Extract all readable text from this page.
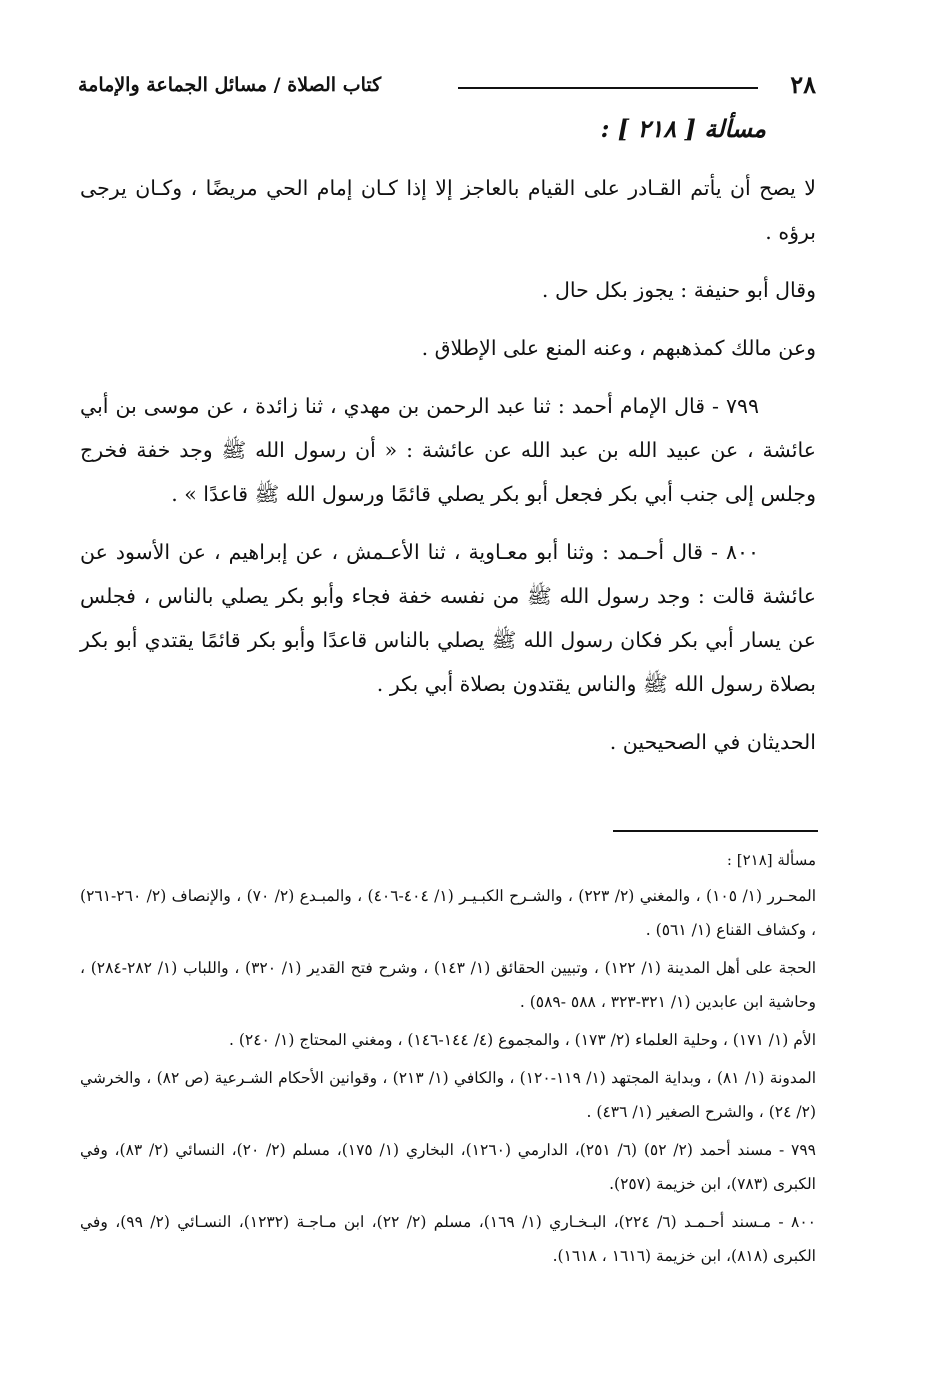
٢٨
كتاب الصلاة / مسائل الجماعة والإمامة
مسألة [ ٢١٨ ] :

لا يصح أن يأتم القـادر على القيام بالعاجز إلا إذا كـان إمام الحي مريضًا ، وكـان يرجى برؤه .

وقال أبو حنيفة : يجوز بكل حال .

وعن مالك كمذهبهم ، وعنه المنع على الإطلاق .

٧٩٩ - قال الإمام أحمد : ثنا عبد الرحمن بن مهدي ، ثنا زائدة ، عن موسى بن أبي عائشة ، عن عبيد الله بن عبد الله عن عائشة : « أن رسول الله ﷺ وجد خفة فخرج وجلس إلى جنب أبي بكر فجعل أبو بكر يصلي قائمًا ورسول الله ﷺ قاعدًا » .

٨٠٠ - قال أحـمد : وثنا أبو معـاوية ، ثنا الأعـمش ، عن إبراهيم ، عن الأسود عن عائشة قالت : وجد رسول الله ﷺ من نفسه خفة فجاء وأبو بكر يصلي بالناس ، فجلس عن يسار أبي بكر فكان رسول الله ﷺ يصلي بالناس قاعدًا وأبو بكر قائمًا يقتدي أبو بكر بصلاة رسول الله ﷺ والناس يقتدون بصلاة أبي بكر .

الحديثان في الصحيحين .

مسألة [٢١٨] :

المحـرر (١/ ١٠٥) ، والمغني (٢/ ٢٢٣) ، والشـرح الكبـيـر (١/ ٤٠٤-٤٠٦) ، والمبـدع (٢/ ٧٠) ، والإنصاف (٢/ ٢٦٠-٢٦١) ، وكشاف القناع (١/ ٥٦١) .

الحجة على أهل المدينة (١/ ١٢٢) ، وتبيين الحقائق (١/ ١٤٣) ، وشرح فتح القدير (١/ ٣٢٠) ، واللباب (١/ ٢٨٢-٢٨٤) ، وحاشية ابن عابدين (١/ ٣٢١-٣٢٣ ، ٥٨٨ -٥٨٩) .

الأم (١/ ١٧١) ، وحلية العلماء (٢/ ١٧٣) ، والمجموع (٤/ ١٤٤-١٤٦) ، ومغني المحتاج (١/ ٢٤٠) .

المدونة (١/ ٨١) ، وبداية المجتهد (١/ ١١٩-١٢٠) ، والكافي (١/ ٢١٣) ، وقوانين الأحكام الشـرعية (ص ٨٢) ، والخرشي (٢/ ٢٤) ، والشرح الصغير (١/ ٤٣٦) .

٧٩٩ - مسند أحمد (٢/ ٥٢) (٦/ ٢٥١)، الدارمي (١٢٦٠)، البخاري (١/ ١٧٥)، مسلم (٢/ ٢٠)، النسائي (٢/ ٨٣)، وفي الكبرى (٧٨٣)، ابن خزيمة (٢٥٧).

٨٠٠ - مـسند أحـمـد (٦/ ٢٢٤)، البـخـاري (١/ ١٦٩)، مسلم (٢/ ٢٢)، ابن مـاجـة (١٢٣٢)، النسـائي (٢/ ٩٩)، وفي الكبرى (٨١٨)، ابن خزيمة (١٦١٦ ، ١٦١٨).
